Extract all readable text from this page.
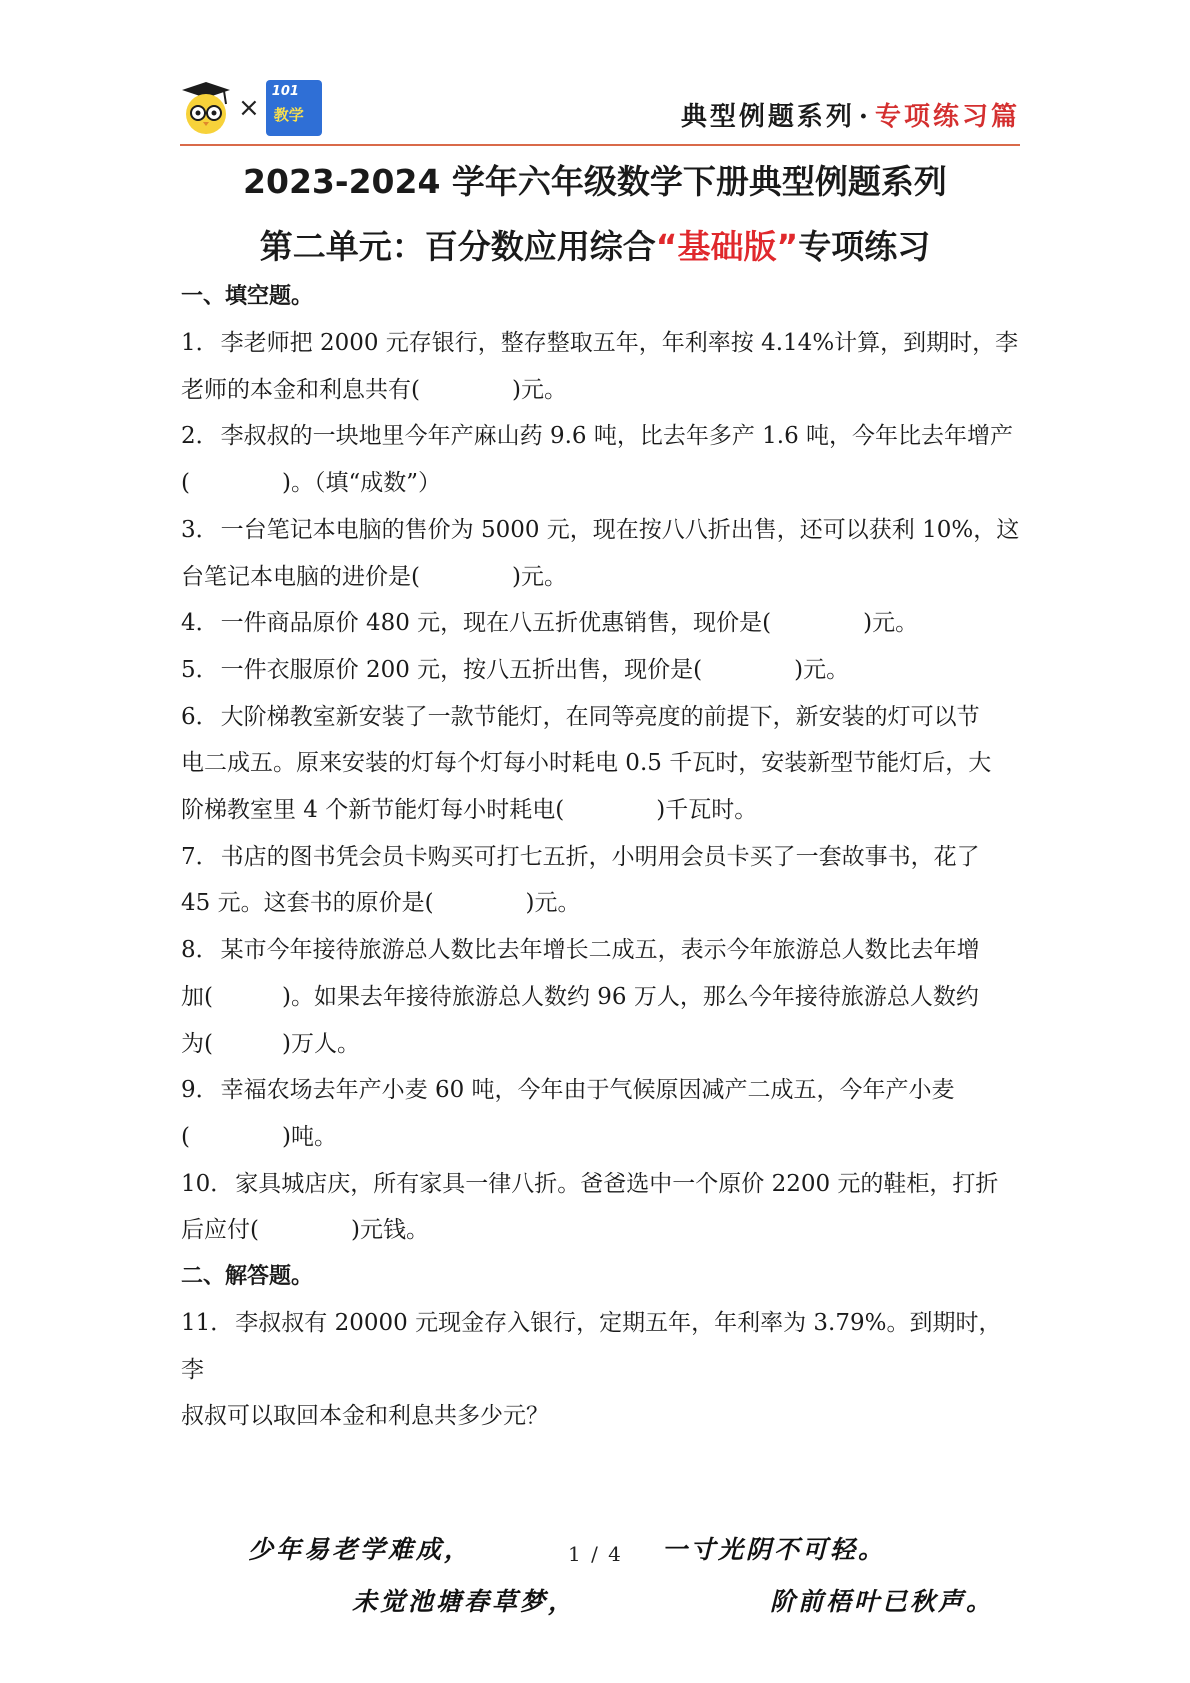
×
101
教学	典型例题系列 · 专项练习篇
2023-2024 学年六年级数学下册典型例题系列
第二单元：百分数应用综合“基础版”专项练习
一、填空题。
1．李老师把 2000 元存银行，整存整取五年，年利率按 4.14%计算，到期时，李
老师的本金和利息共有(　　　　)元。
2．李叔叔的一块地里今年产麻山药 9.6 吨，比去年多产 1.6 吨，今年比去年增产
(　　　　)。（填“成数”）
3．一台笔记本电脑的售价为 5000 元，现在按八八折出售，还可以获利 10%，这
台笔记本电脑的进价是(　　　　)元。
4．一件商品原价 480 元，现在八五折优惠销售，现价是(　　　　)元。
5．一件衣服原价 200 元，按八五折出售，现价是(　　　　)元。
6．大阶梯教室新安装了一款节能灯，在同等亮度的前提下，新安装的灯可以节
电二成五。原来安装的灯每个灯每小时耗电 0.5 千瓦时，安装新型节能灯后，大
阶梯教室里 4 个新节能灯每小时耗电(　　　　)千瓦时。
7．书店的图书凭会员卡购买可打七五折，小明用会员卡买了一套故事书，花了
45 元。这套书的原价是(　　　　)元。
8．某市今年接待旅游总人数比去年增长二成五，表示今年旅游总人数比去年增
加(　　　)。如果去年接待旅游总人数约 96 万人，那么今年接待旅游总人数约
为(　　　)万人。
9．幸福农场去年产小麦 60 吨，今年由于气候原因减产二成五，今年产小麦
(　　　　)吨。
10．家具城店庆，所有家具一律八折。爸爸选中一个原价 2200 元的鞋柜，打折
后应付(　　　　)元钱。
二、解答题。
11．李叔叔有 20000 元现金存入银行，定期五年，年利率为 3.79%。到期时，李
叔叔可以取回本金和利息共多少元？
少年易老学难成，	1 / 4 一寸光阴不可轻。
未觉池塘春草梦，	阶前梧叶已秋声。
